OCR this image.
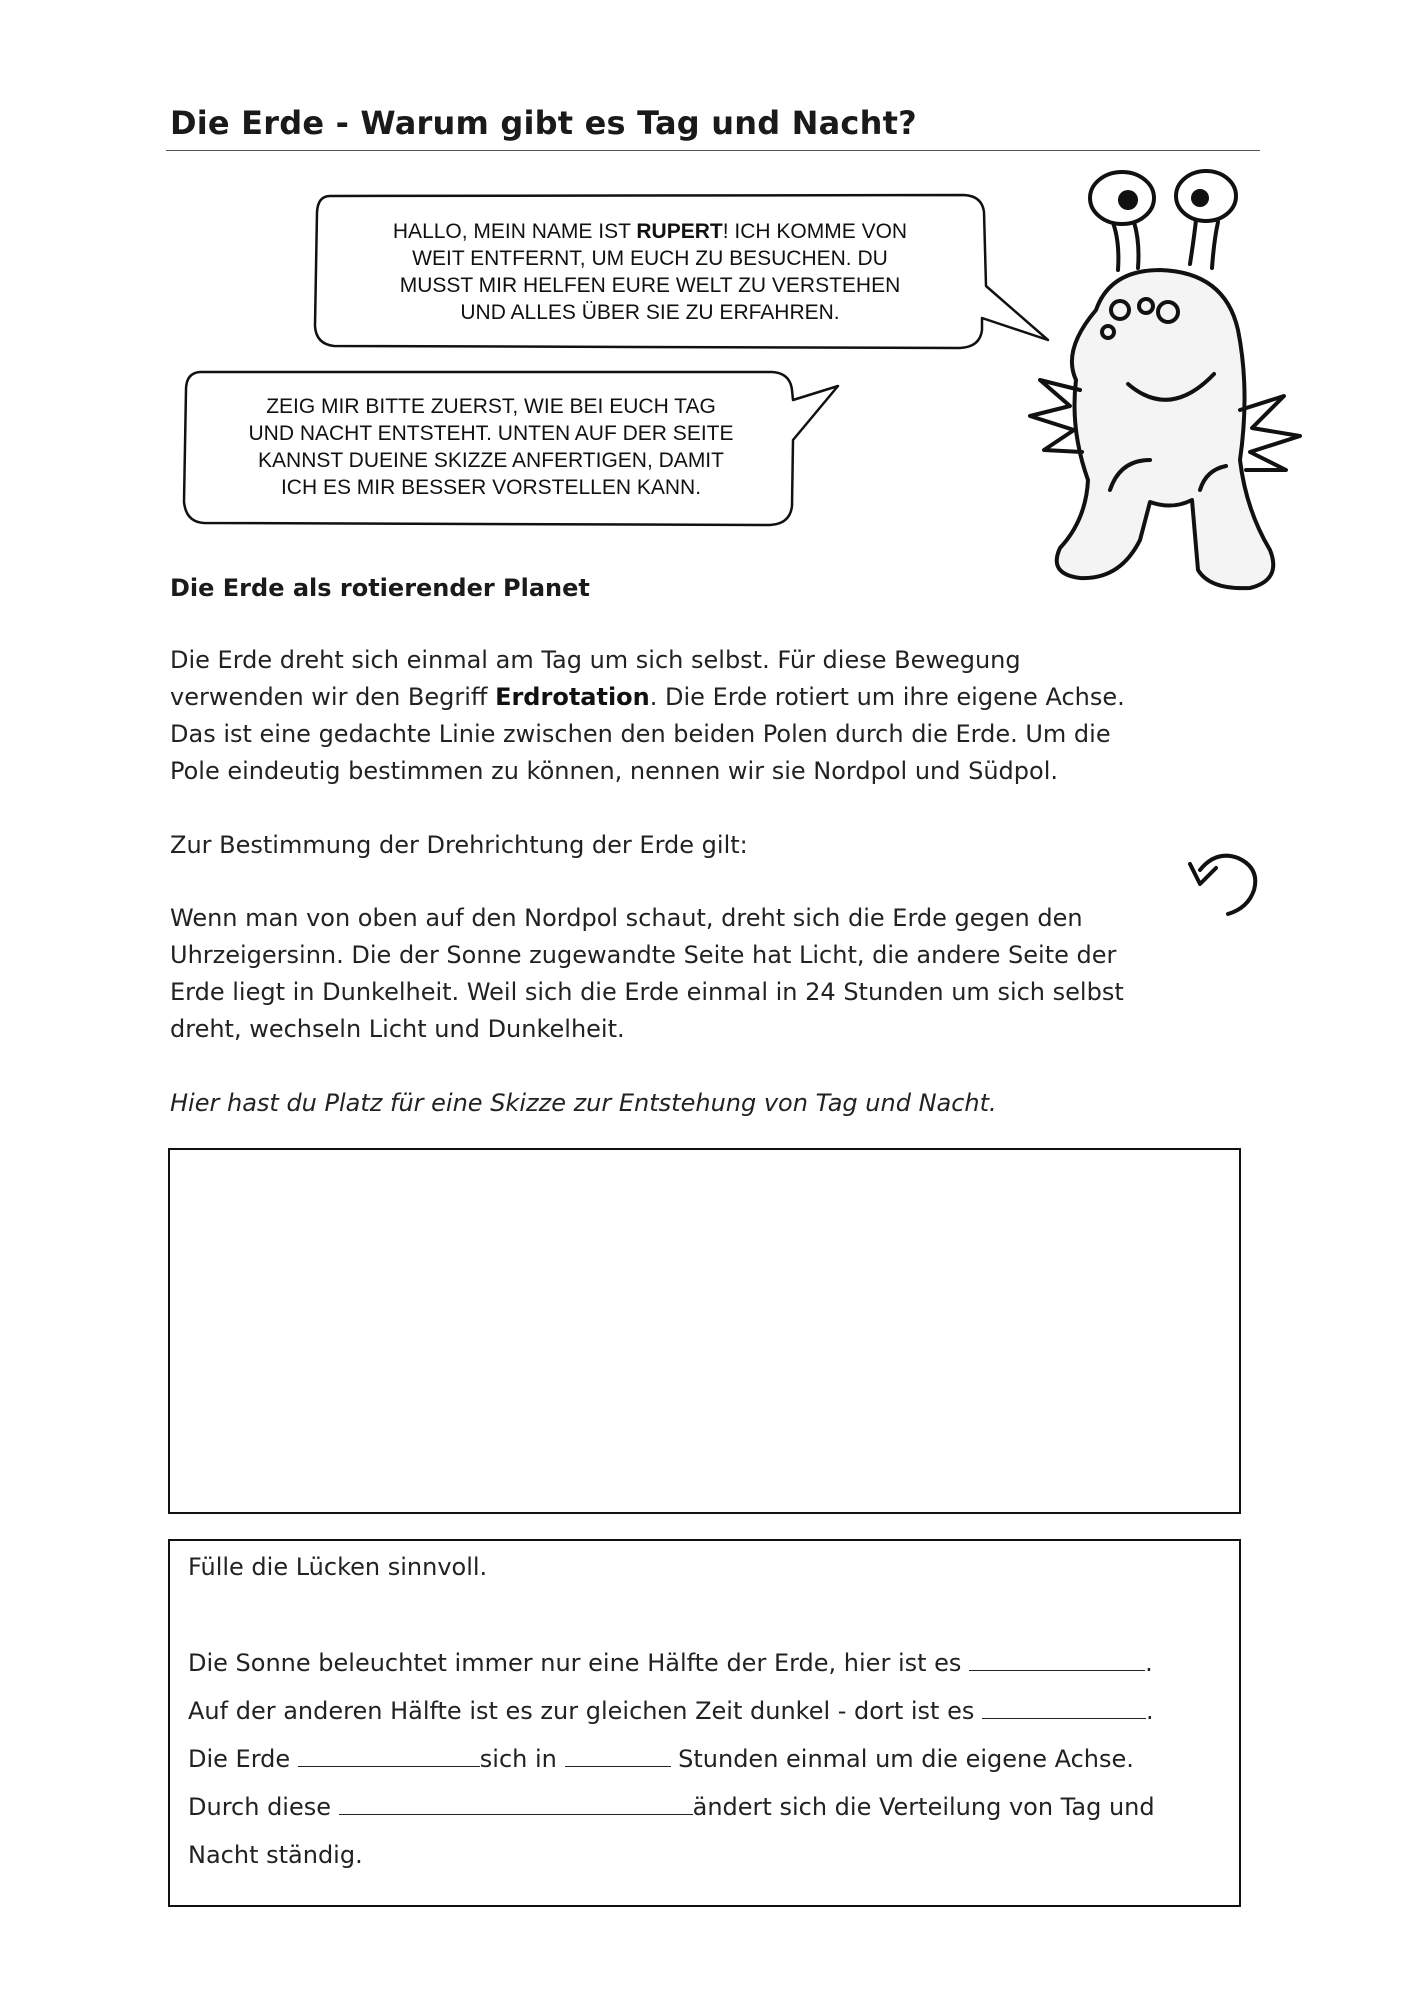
Die Erde - Warum gibt es Tag und Nacht?
HALLO, MEIN NAME IST RUPERT! ICH KOMME VON
WEIT ENTFERNT, UM EUCH ZU BESUCHEN. DU
MUSST MIR HELFEN EURE WELT ZU VERSTEHEN
UND ALLES ÜBER SIE ZU ERFAHREN.
ZEIG MIR BITTE ZUERST, WIE BEI EUCH TAG
UND NACHT ENTSTEHT. UNTEN AUF DER SEITE
KANNST DUEINE SKIZZE ANFERTIGEN, DAMIT
ICH ES MIR BESSER VORSTELLEN KANN.
Die Erde als rotierender Planet
Die Erde dreht sich einmal am Tag um sich selbst. Für diese Bewegung
verwenden wir den Begriff Erdrotation. Die Erde rotiert um ihre eigene Achse.
Das ist eine gedachte Linie zwischen den beiden Polen durch die Erde. Um die
Pole eindeutig bestimmen zu können, nennen wir sie Nordpol und Südpol.
Zur Bestimmung der Drehrichtung der Erde gilt:
Wenn man von oben auf den Nordpol schaut, dreht sich die Erde gegen den
Uhrzeigersinn. Die der Sonne zugewandte Seite hat Licht, die andere Seite der
Erde liegt in Dunkelheit. Weil sich die Erde einmal in 24 Stunden um sich selbst
dreht, wechseln Licht und Dunkelheit.
Hier hast du Platz für eine Skizze zur Entstehung von Tag und Nacht.
Fülle die Lücken sinnvoll.
Die Sonne beleuchtet immer nur eine Hälfte der Erde, hier ist es	.
Auf der anderen Hälfte ist es zur gleichen Zeit dunkel - dort ist es	.
Die Erde	sich in	Stunden einmal um die eigene Achse.
Durch diese	ändert sich die Verteilung von Tag und
Nacht ständig.
